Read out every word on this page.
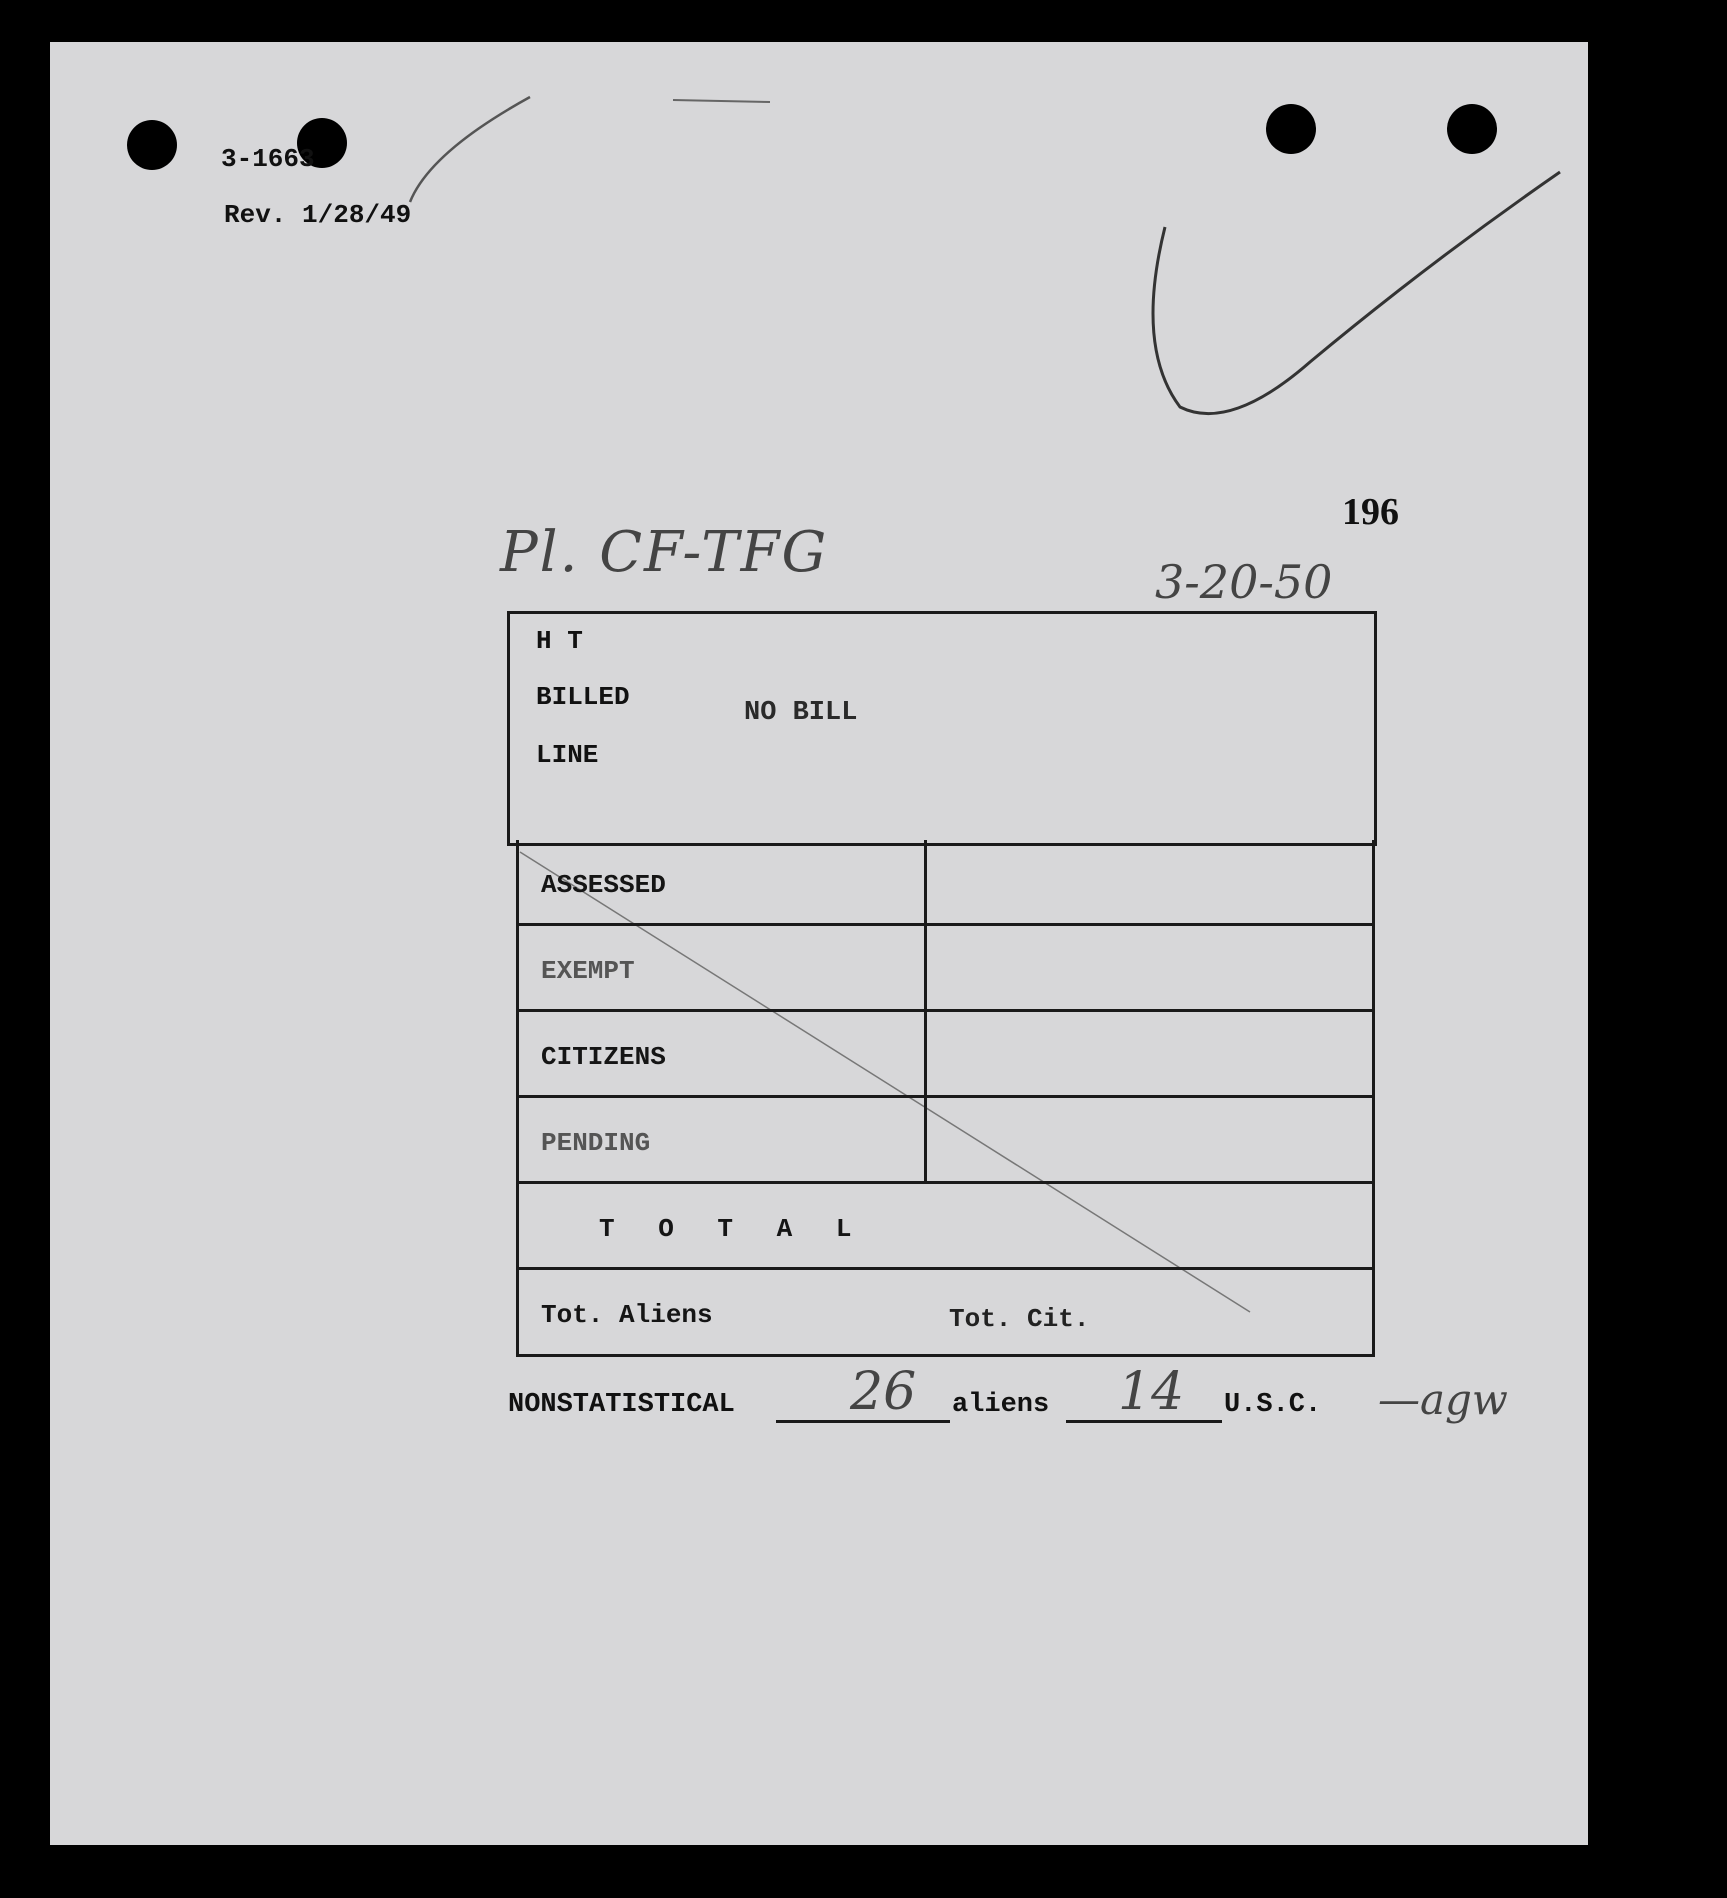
3-1663
Rev. 1/28/49
196
Pl. CF-TFG	3-20-50
H T
BILLED
LINE
NO BILL
ASSESSED
EXEMPT
CITIZENS
PENDING
T O T A L
Tot. Aliens	Tot. Cit.
NONSTATISTICAL 26 aliens 14 U.S.C. —agw
